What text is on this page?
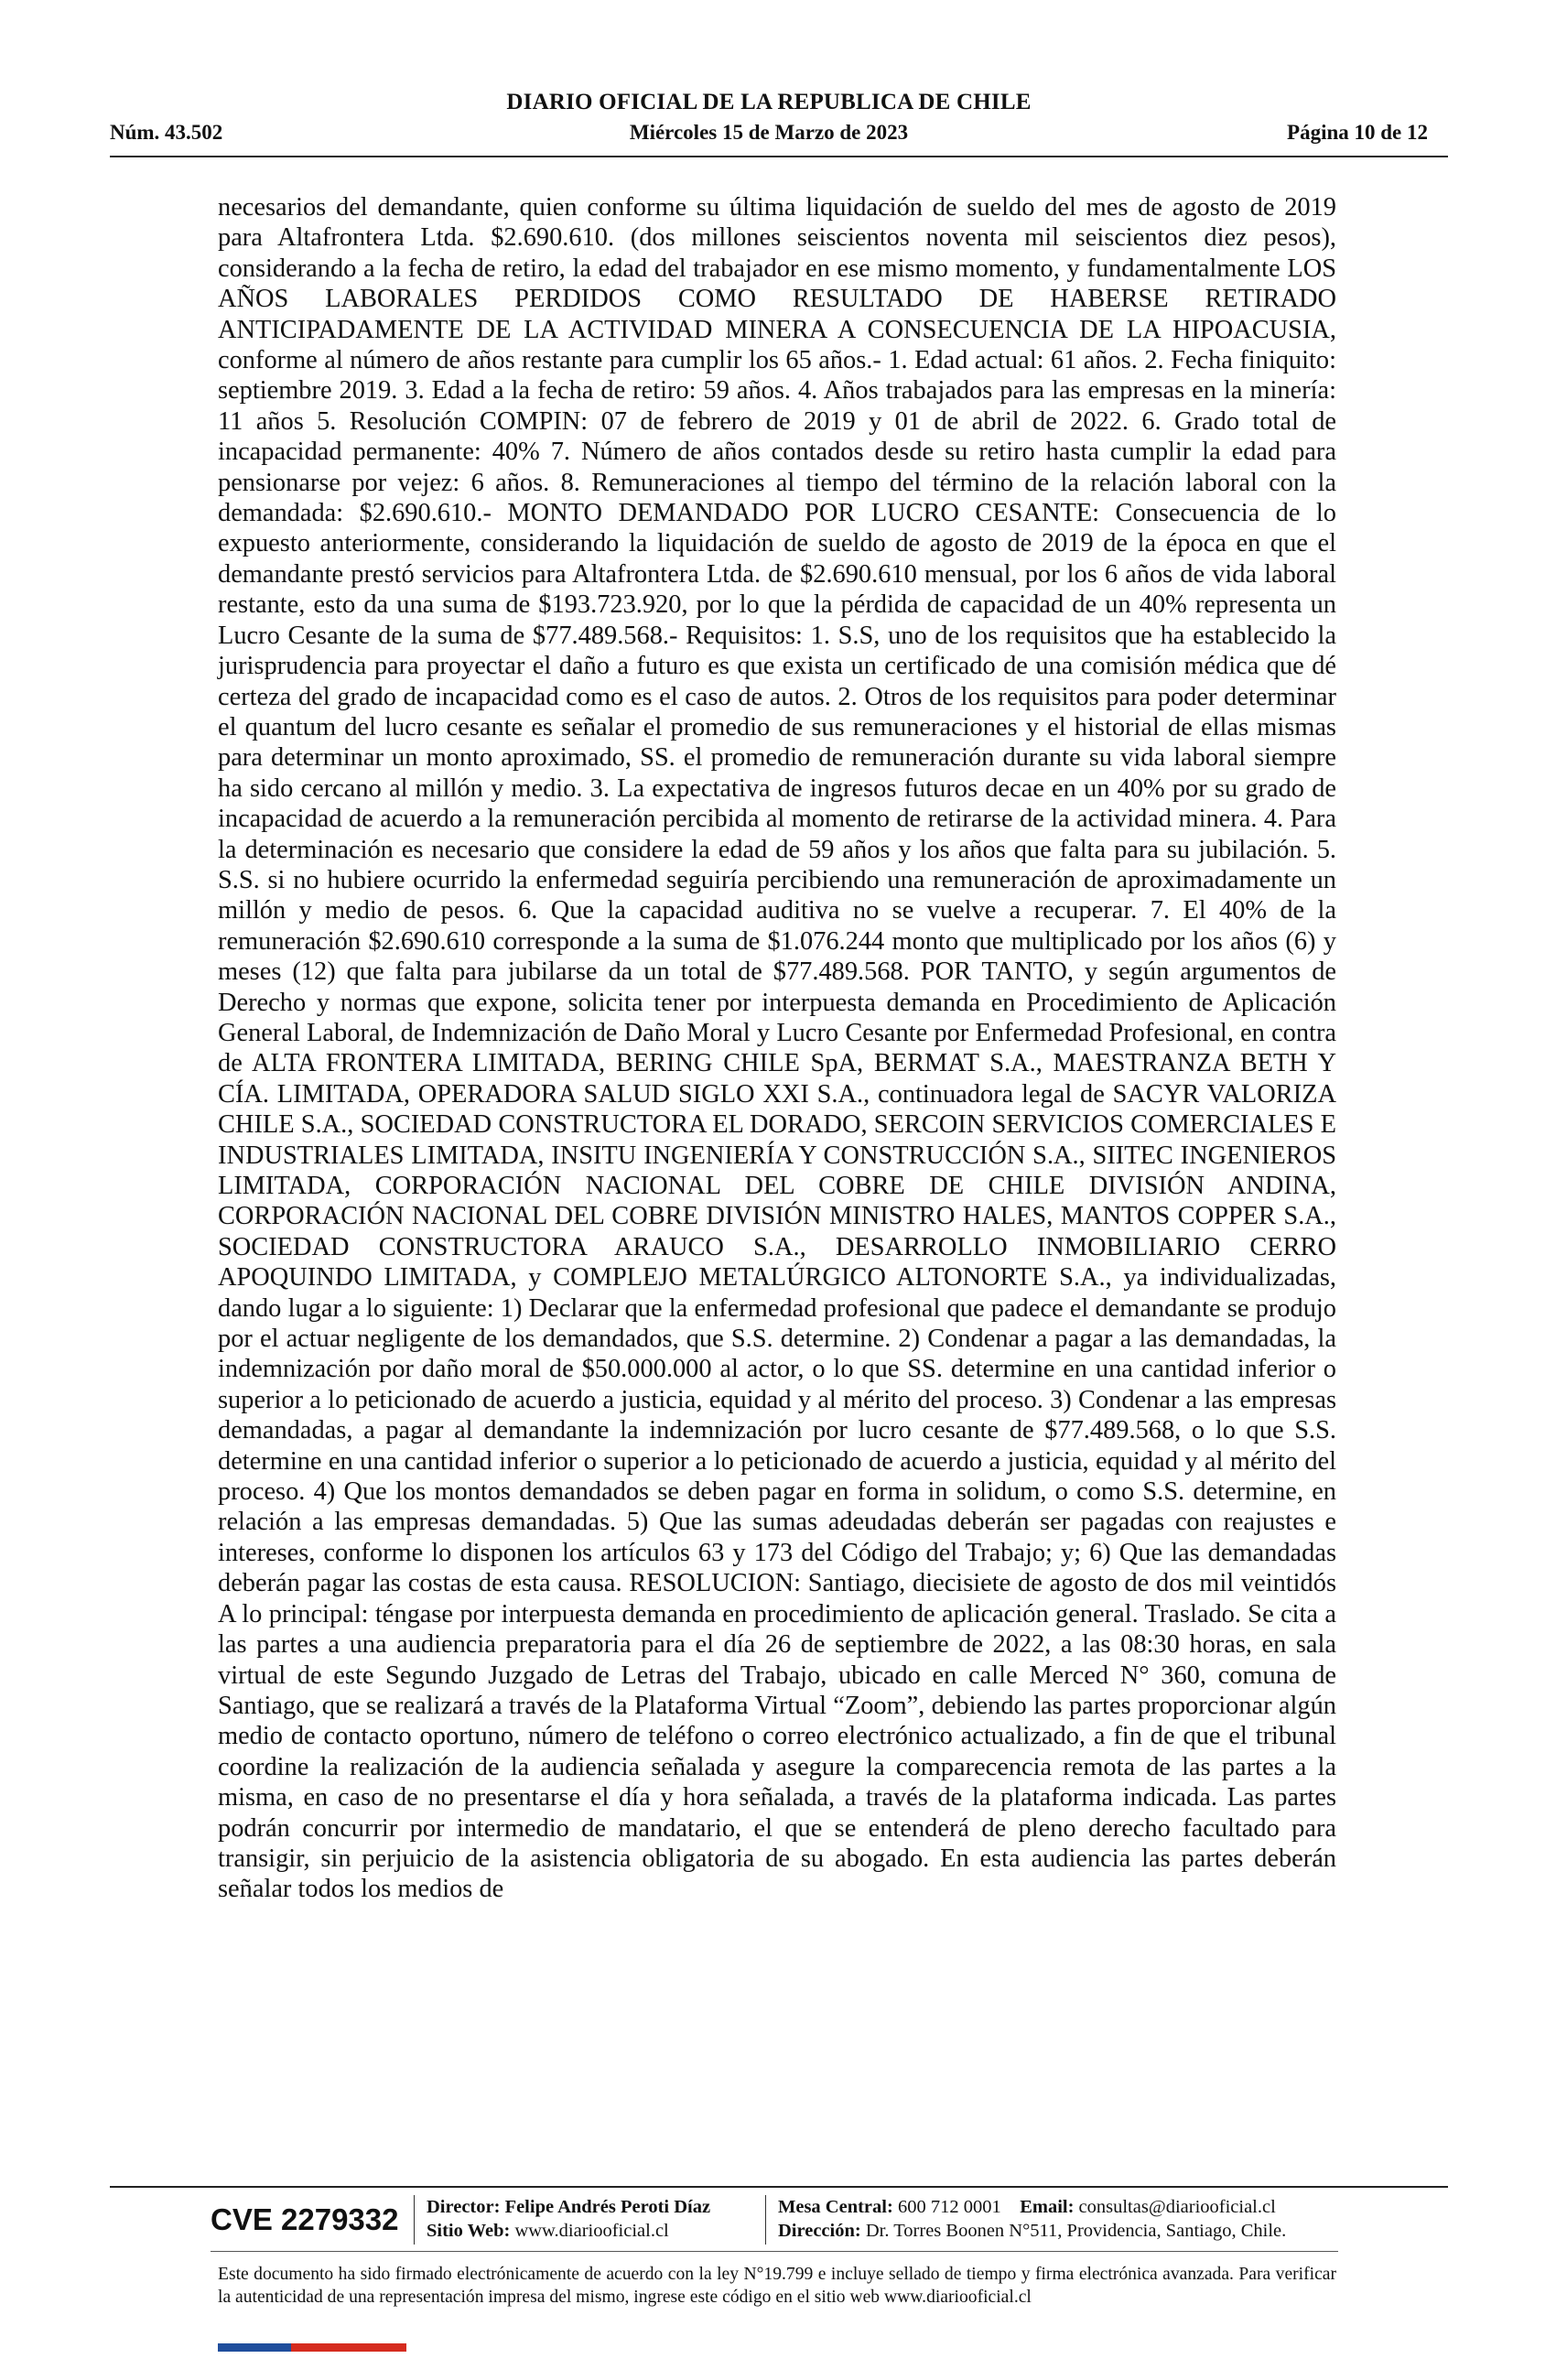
DIARIO OFICIAL DE LA REPUBLICA DE CHILE
Núm. 43.502	Miércoles 15 de Marzo de 2023	Página 10 de 12

necesarios del demandante, quien conforme su última liquidación de sueldo del mes de agosto de 2019 para Altafrontera Ltda. $2.690.610. (dos millones seiscientos noventa mil seiscientos diez pesos), considerando a la fecha de retiro, la edad del trabajador en ese mismo momento, y fundamentalmente LOS AÑOS LABORALES PERDIDOS COMO RESULTADO DE HABERSE RETIRADO ANTICIPADAMENTE DE LA ACTIVIDAD MINERA A CONSECUENCIA DE LA HIPOACUSIA, conforme al número de años restante para cumplir los 65 años.- 1. Edad actual: 61 años. 2. Fecha finiquito: septiembre 2019. 3. Edad a la fecha de retiro: 59 años. 4. Años trabajados para las empresas en la minería: 11 años 5. Resolución COMPIN: 07 de febrero de 2019 y 01 de abril de 2022. 6. Grado total de incapacidad permanente: 40% 7. Número de años contados desde su retiro hasta cumplir la edad para pensionarse por vejez: 6 años. 8. Remuneraciones al tiempo del término de la relación laboral con la demandada: $2.690.610.- MONTO DEMANDADO POR LUCRO CESANTE: Consecuencia de lo expuesto anteriormente, considerando la liquidación de sueldo de agosto de 2019 de la época en que el demandante prestó servicios para Altafrontera Ltda. de $2.690.610 mensual, por los 6 años de vida laboral restante, esto da una suma de $193.723.920, por lo que la pérdida de capacidad de un 40% representa un Lucro Cesante de la suma de $77.489.568.- Requisitos: 1. S.S, uno de los requisitos que ha establecido la jurisprudencia para proyectar el daño a futuro es que exista un certificado de una comisión médica que dé certeza del grado de incapacidad como es el caso de autos. 2. Otros de los requisitos para poder determinar el quantum del lucro cesante es señalar el promedio de sus remuneraciones y el historial de ellas mismas para determinar un monto aproximado, SS. el promedio de remuneración durante su vida laboral siempre ha sido cercano al millón y medio. 3. La expectativa de ingresos futuros decae en un 40% por su grado de incapacidad de acuerdo a la remuneración percibida al momento de retirarse de la actividad minera. 4. Para la determinación es necesario que considere la edad de 59 años y los años que falta para su jubilación. 5. S.S. si no hubiere ocurrido la enfermedad seguiría percibiendo una remuneración de aproximadamente un millón y medio de pesos. 6. Que la capacidad auditiva no se vuelve a recuperar. 7. El 40% de la remuneración $2.690.610 corresponde a la suma de $1.076.244 monto que multiplicado por los años (6) y meses (12) que falta para jubilarse da un total de $77.489.568. POR TANTO, y según argumentos de Derecho y normas que expone, solicita tener por interpuesta demanda en Procedimiento de Aplicación General Laboral, de Indemnización de Daño Moral y Lucro Cesante por Enfermedad Profesional, en contra de ALTA FRONTERA LIMITADA, BERING CHILE SpA, BERMAT S.A., MAESTRANZA BETH Y CÍA. LIMITADA, OPERADORA SALUD SIGLO XXI S.A., continuadora legal de SACYR VALORIZA CHILE S.A., SOCIEDAD CONSTRUCTORA EL DORADO, SERCOIN SERVICIOS COMERCIALES E INDUSTRIALES LIMITADA, INSITU INGENIERÍA Y CONSTRUCCIÓN S.A., SIITEC INGENIEROS LIMITADA, CORPORACIÓN NACIONAL DEL COBRE DE CHILE DIVISIÓN ANDINA, CORPORACIÓN NACIONAL DEL COBRE DIVISIÓN MINISTRO HALES, MANTOS COPPER S.A., SOCIEDAD CONSTRUCTORA ARAUCO S.A., DESARROLLO INMOBILIARIO CERRO APOQUINDO LIMITADA, y COMPLEJO METALÚRGICO ALTONORTE S.A., ya individualizadas, dando lugar a lo siguiente: 1) Declarar que la enfermedad profesional que padece el demandante se produjo por el actuar negligente de los demandados, que S.S. determine. 2) Condenar a pagar a las demandadas, la indemnización por daño moral de $50.000.000 al actor, o lo que SS. determine en una cantidad inferior o superior a lo peticionado de acuerdo a justicia, equidad y al mérito del proceso. 3) Condenar a las empresas demandadas, a pagar al demandante la indemnización por lucro cesante de $77.489.568, o lo que S.S. determine en una cantidad inferior o superior a lo peticionado de acuerdo a justicia, equidad y al mérito del proceso. 4) Que los montos demandados se deben pagar en forma in solidum, o como S.S. determine, en relación a las empresas demandadas. 5) Que las sumas adeudadas deberán ser pagadas con reajustes e intereses, conforme lo disponen los artículos 63 y 173 del Código del Trabajo; y; 6) Que las demandadas deberán pagar las costas de esta causa. RESOLUCION: Santiago, diecisiete de agosto de dos mil veintidós A lo principal: téngase por interpuesta demanda en procedimiento de aplicación general. Traslado. Se cita a las partes a una audiencia preparatoria para el día 26 de septiembre de 2022, a las 08:30 horas, en sala virtual de este Segundo Juzgado de Letras del Trabajo, ubicado en calle Merced N° 360, comuna de Santiago, que se realizará a través de la Plataforma Virtual “Zoom”, debiendo las partes proporcionar algún medio de contacto oportuno, número de teléfono o correo electrónico actualizado, a fin de que el tribunal coordine la realización de la audiencia señalada y asegure la comparecencia remota de las partes a la misma, en caso de no presentarse el día y hora señalada, a través de la plataforma indicada. Las partes podrán concurrir por intermedio de mandatario, el que se entenderá de pleno derecho facultado para transigir, sin perjuicio de la asistencia obligatoria de su abogado. En esta audiencia las partes deberán señalar todos los medios de

CVE 2279332 Director: Felipe Andrés Peroti Díaz
Sitio Web: www.diariooficial.cl
Mesa Central: 600 712 0001 Email: consultas@diariooficial.cl
Dirección: Dr. Torres Boonen N°511, Providencia, Santiago, Chile.

Este documento ha sido firmado electrónicamente de acuerdo con la ley N°19.799 e incluye sellado de tiempo y firma electrónica avanzada. Para verificar la autenticidad de una representación impresa del mismo, ingrese este código en el sitio web www.diariooficial.cl
